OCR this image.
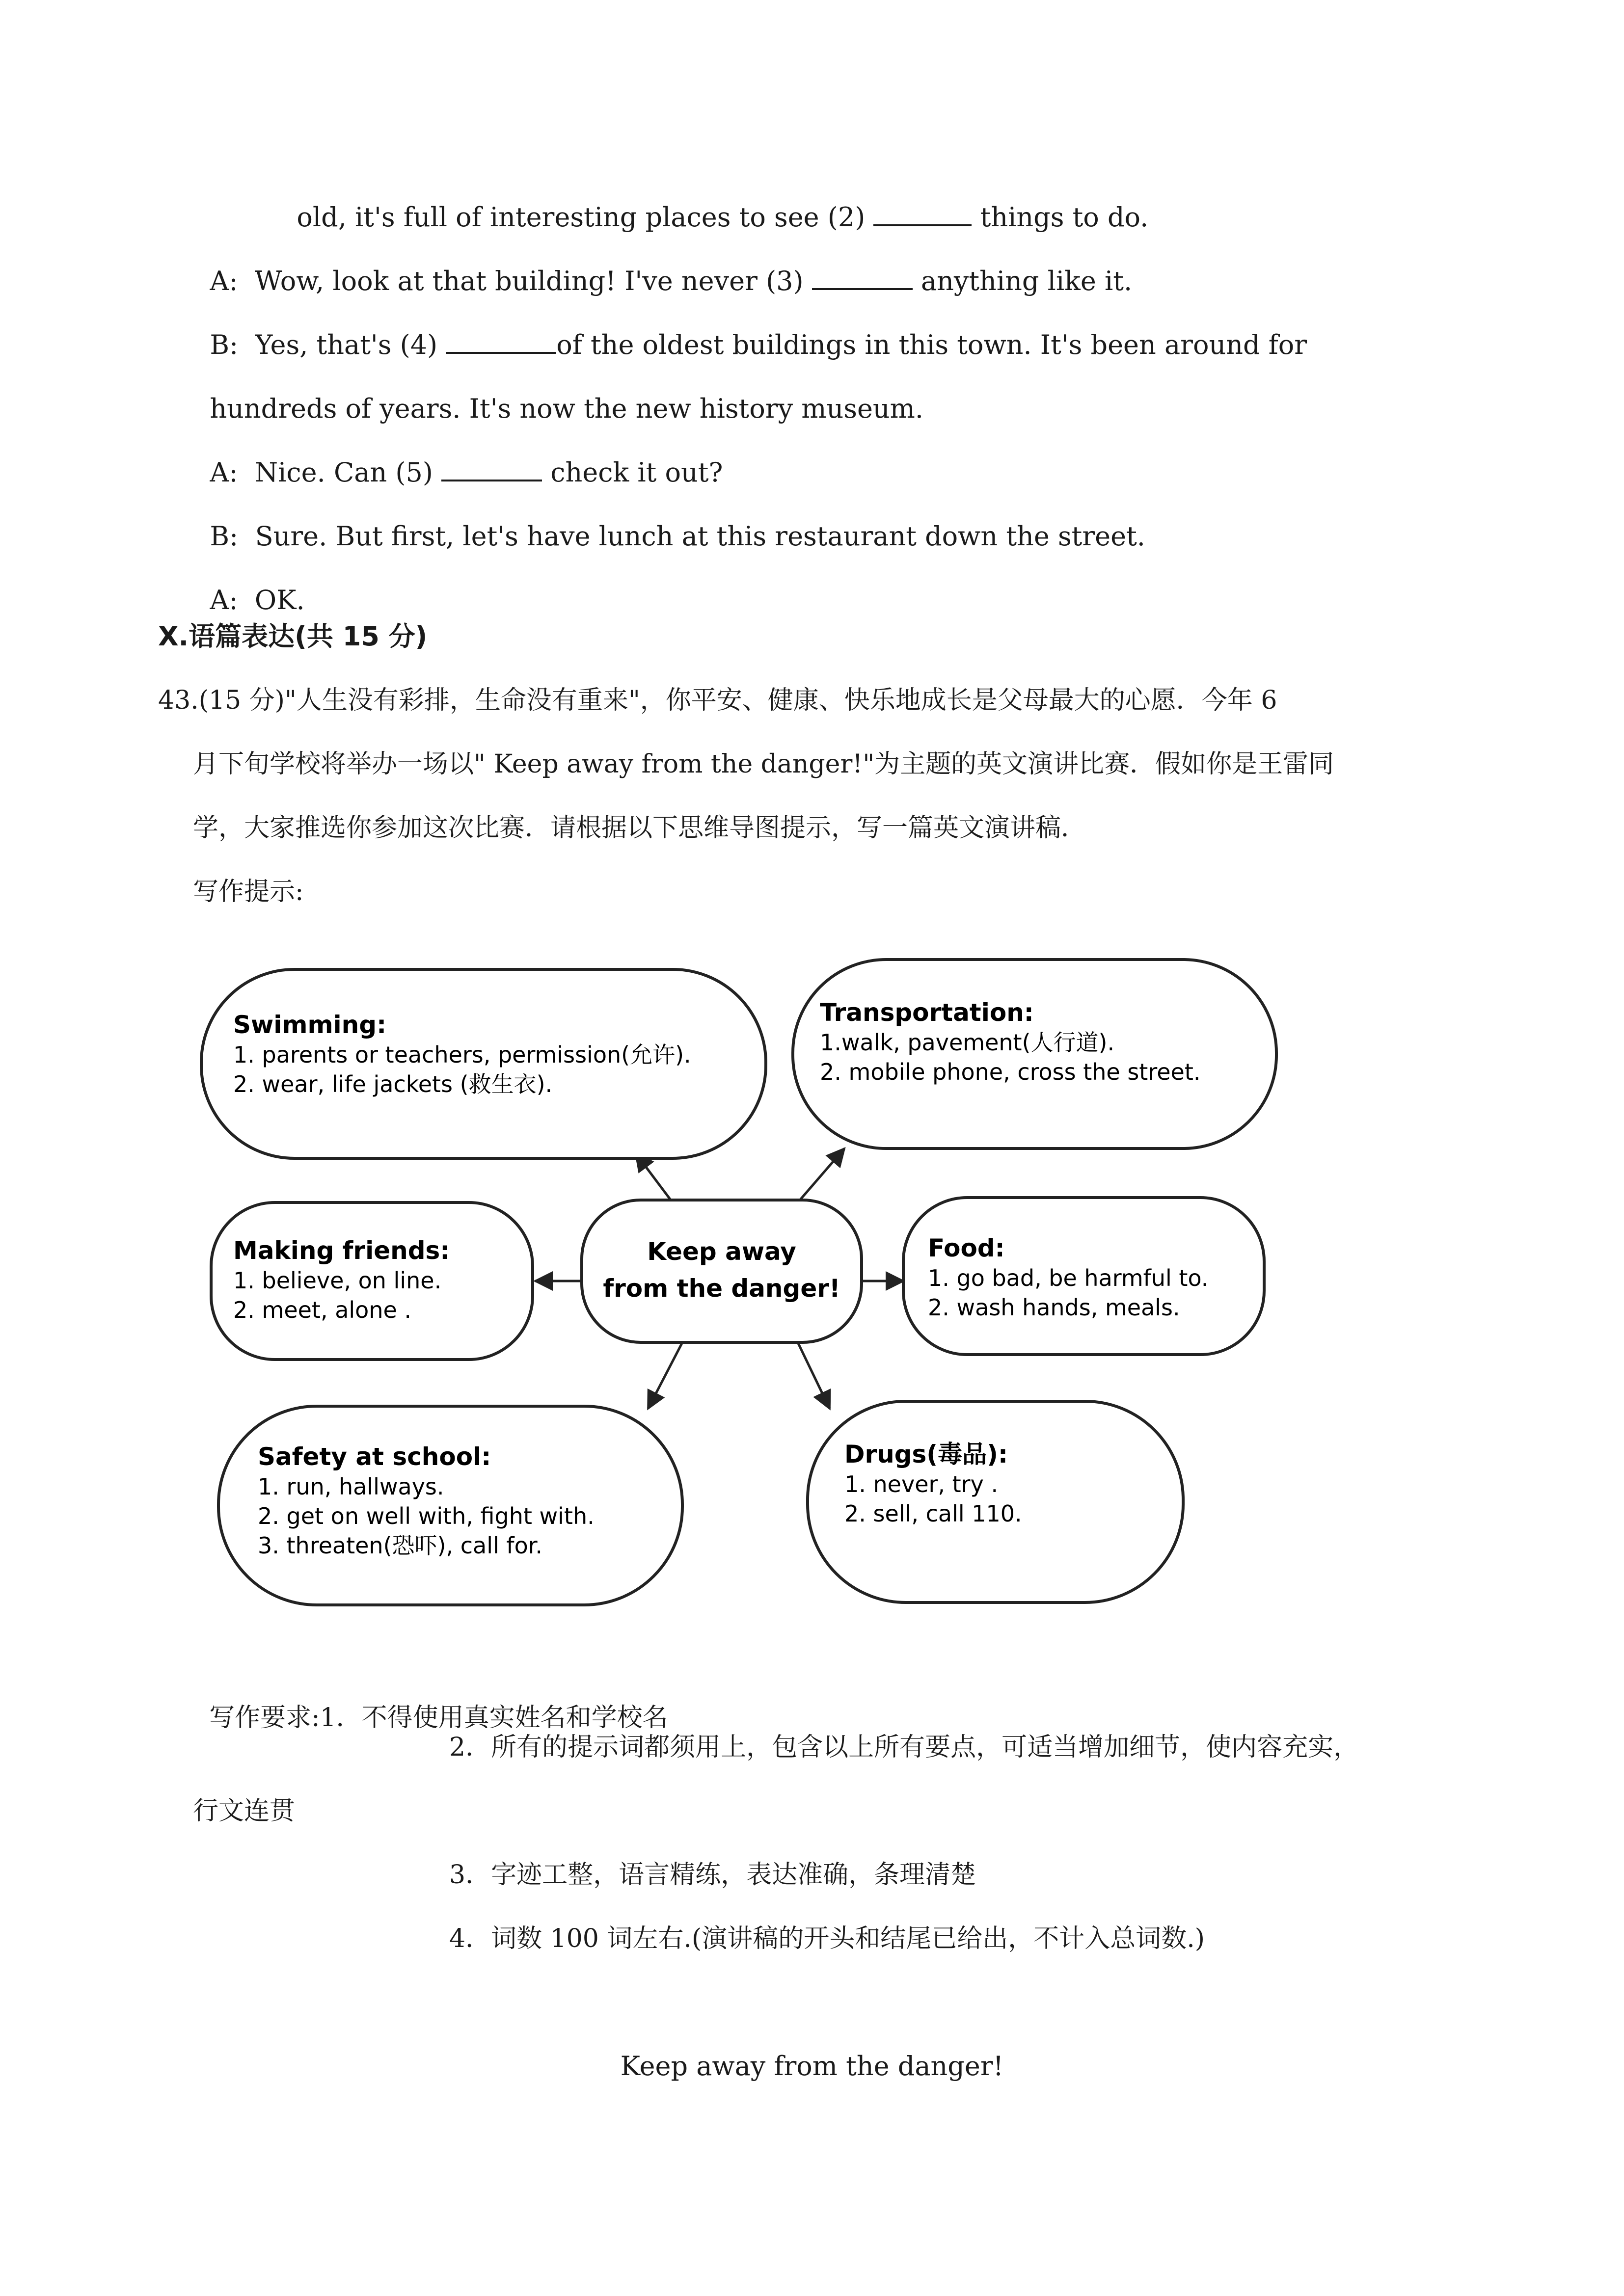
old, it's full of interesting places to see (2)	things to do.

A: Wow, look at that building! I've never (3)	anything like it.

B: Yes, that's (4)	of the oldest buildings in this town. It's been around for

hundreds of years. It's now the new history museum.

A: Nice. Can (5)	check it out?

B: Sure. But first, let's have lunch at this restaurant down the street.

A: OK.

X.语篇表达(共 15 分)
43.(15 分)"人生没有彩排，生命没有重来"，你平安、健康、快乐地成长是父母最大的心愿．今年 6
月下旬学校将举办一场以" Keep away from the danger!"为主题的英文演讲比赛．假如你是王雷同
学，大家推选你参加这次比赛．请根据以下思维导图提示，写一篇英文演讲稿．
写作提示:
Keep away
from the danger!
Swimming:
1. parents or teachers, permission(允许).
2. wear, life jackets (救生衣).
Transportation:
1.walk, pavement(人行道).
2. mobile phone, cross the street.
Making friends:
1. believe, on line.
2. meet, alone .
Food:
1. go bad, be harmful to.
2. wash hands, meals.
Safety at school:
1. run, hallways.
2. get on well with, fight with.
3. threaten(恐吓), call for.
Drugs(毒品):
1. never, try .
2. sell, call 110.

写作要求:1．不得使用真实姓名和学校名

2．所有的提示词都须用上，包含以上所有要点，可适当增加细节，使内容充实，
行文连贯
3．字迹工整，语言精练，表达准确，条理清楚
4．词数 100 词左右.(演讲稿的开头和结尾已给出，不计入总词数.)
Keep away from the danger!
